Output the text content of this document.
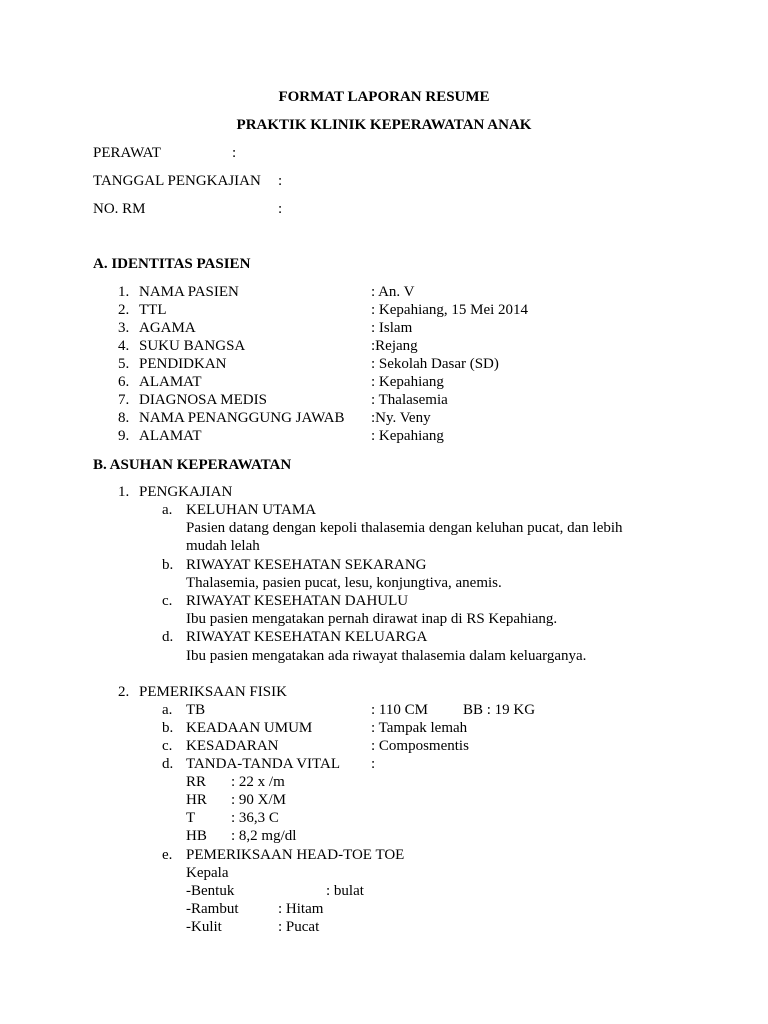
FORMAT LAPORAN RESUME
PRAKTIK KLINIK KEPERAWATAN ANAK
PERAWAT	:
TANGGAL PENGKAJIAN :
NO. RM	:
A. IDENTITAS PASIEN
1. NAMA PASIEN	: An. V
2. TTL	: Kepahiang, 15 Mei 2014
3. AGAMA	: Islam
4. SUKU BANGSA	:Rejang
5. PENDIDKAN	: Sekolah Dasar (SD)
6. ALAMAT	: Kepahiang
7. DIAGNOSA MEDIS	: Thalasemia
8. NAMA PENANGGUNG JAWAB :Ny. Veny
9. ALAMAT	: Kepahiang
B. ASUHAN KEPERAWATAN
1. PENGKAJIAN
a. KELUHAN UTAMA
Pasien datang dengan kepoli thalasemia dengan keluhan pucat, dan lebih mudah lelah
b. RIWAYAT KESEHATAN SEKARANG
Thalasemia, pasien pucat, lesu, konjungtiva, anemis.
c. RIWAYAT KESEHATAN DAHULU
Ibu pasien mengatakan pernah dirawat inap di RS Kepahiang.
d. RIWAYAT KESEHATAN KELUARGA
Ibu pasien mengatakan ada riwayat thalasemia dalam keluarganya.
2. PEMERIKSAAN FISIK
a. TB	: 110 CM BB : 19 KG
b. KEADAAN UMUM	: Tampak lemah
c. KESADARAN	: Composmentis
d. TANDA-TANDA VITAL :
RR : 22 x /m
HR : 90 X/M
T : 36,3 C
HB : 8,2 mg/dl
e. PEMERIKSAAN HEAD-TOE TOE
Kepala
-Bentuk	: bulat
-Rambut	: Hitam
-Kulit	: Pucat
